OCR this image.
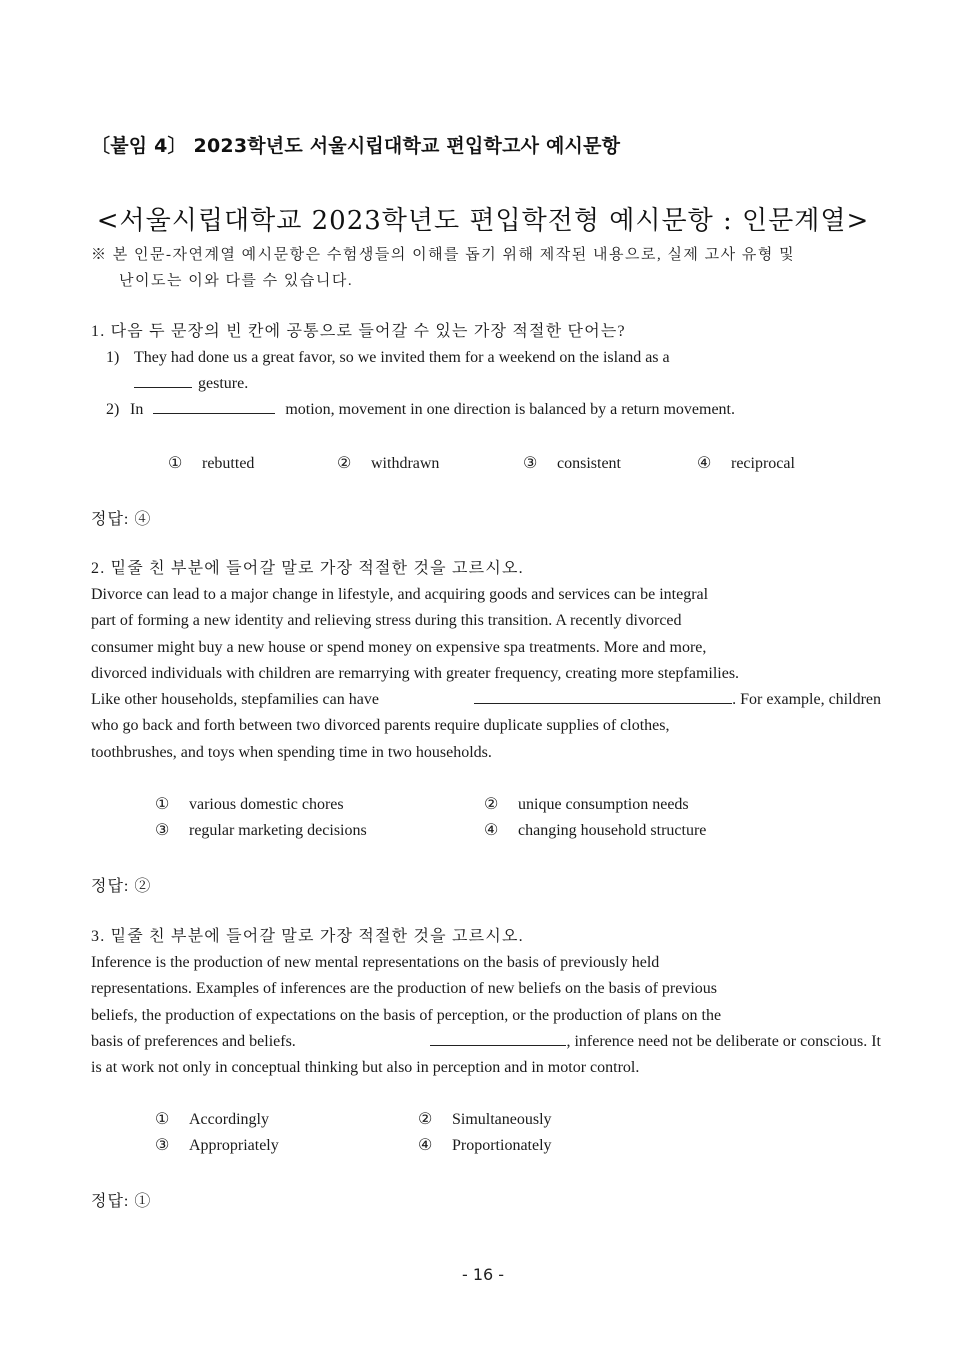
〔붙임 4〕 2023학년도 서울시립대학교 편입학고사 예시문항
<서울시립대학교 2023학년도 편입학전형 예시문항 : 인문계열>
※ 본 인문-자연계열 예시문항은 수험생들의 이해를 돕기 위해 제작된 내용으로, 실제 고사 유형 및
난이도는 이와 다를 수 있습니다.
1. 다음 두 문장의 빈 칸에 공통으로 들어갈 수 있는 가장 적절한 단어는?
1) They had done us a great favor, so we invited them for a weekend on the island as a
gesture.
2) In	motion, movement in one direction is balanced by a return movement.
① rebutted	② withdrawn	③ consistent	④ reciprocal
정답: ④
2. 밑줄 친 부분에 들어갈 말로 가장 적절한 것을 고르시오.
Divorce can lead to a major change in lifestyle, and acquiring goods and services can be integral
part of forming a new identity and relieving stress during this transition. A recently divorced
consumer might buy a new house or spend money on expensive spa treatments. More and more,
divorced individuals with children are remarrying with greater frequency, creating more stepfamilies.
Like other households, stepfamilies can have	. For example, children
who go back and forth between two divorced parents require duplicate supplies of clothes,
toothbrushes, and toys when spending time in two households.
① various domestic chores	② unique consumption needs
③ regular marketing decisions	④ changing household structure
정답: ②
3. 밑줄 친 부분에 들어갈 말로 가장 적절한 것을 고르시오.
Inference is the production of new mental representations on the basis of previously held
representations. Examples of inferences are the production of new beliefs on the basis of previous
beliefs, the production of expectations on the basis of perception, or the production of plans on the
basis of preferences and beliefs.	, inference need not be deliberate or conscious. It
is at work not only in conceptual thinking but also in perception and in motor control.
① Accordingly	② Simultaneously
③ Appropriately	④ Proportionately
정답: ①
- 16 -
